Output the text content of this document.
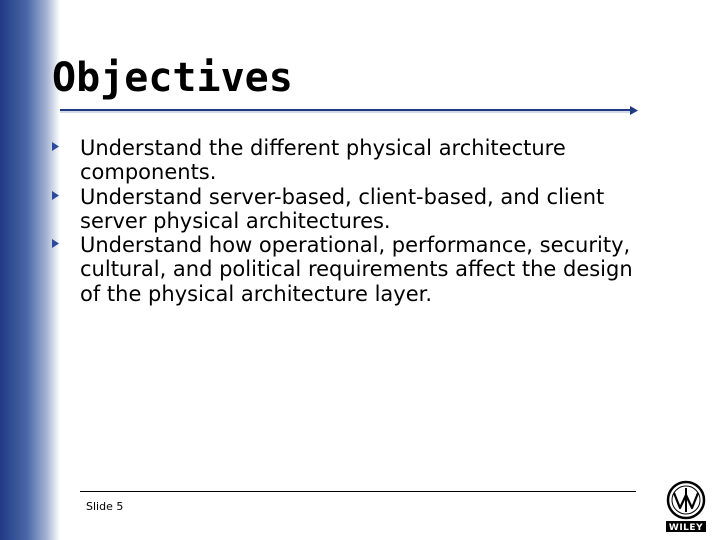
Objectives
Understand the different physical architecture components.
Understand server-based, client-based, and client server physical architectures.
Understand how operational, performance, security, cultural, and political requirements affect the design of the physical architecture layer.
Slide 5
WILEY
